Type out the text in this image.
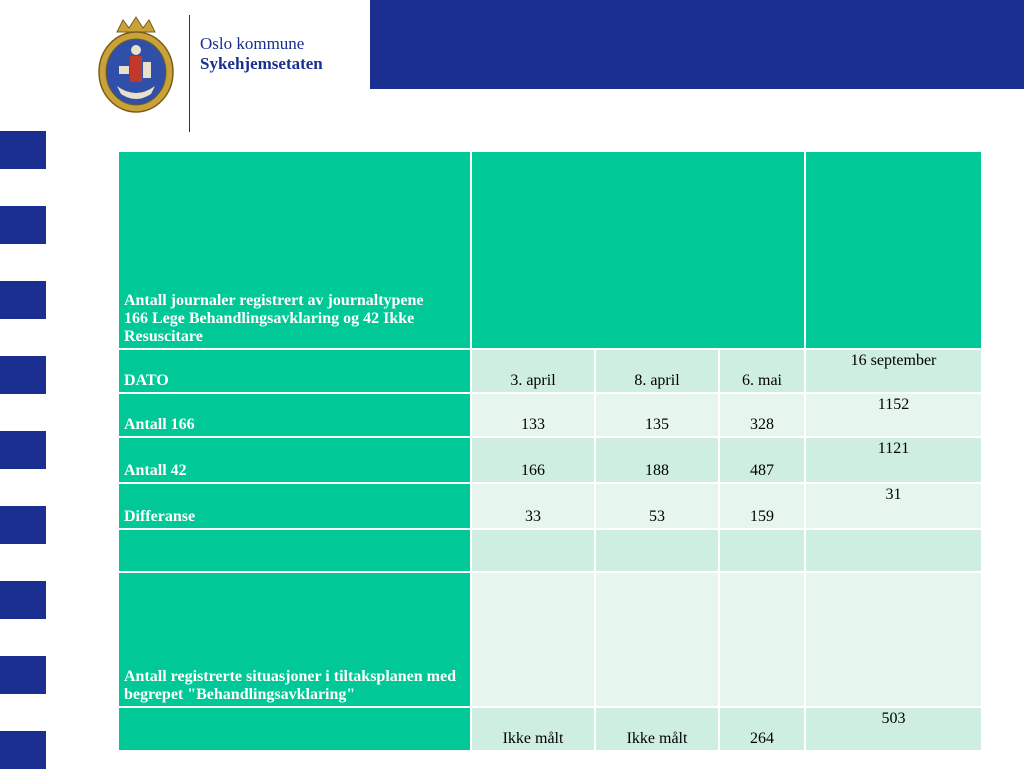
Oslo kommune
Sykehjemsetaten
Antall journaler registrert av journaltypene
166 Lege Behandlingsavklaring og 42 Ikke Resuscitare				
DATO	3. april	8. april	6. mai	16 september
Antall 166	133	135	328	1152
Antall 42	166	188	487	1121
Differanse	33	53	159	31

Antall registrerte situasjoner i tiltaksplanen med begrepet "Behandlingsavklaring"				
	Ikke målt	Ikke målt	264	503
